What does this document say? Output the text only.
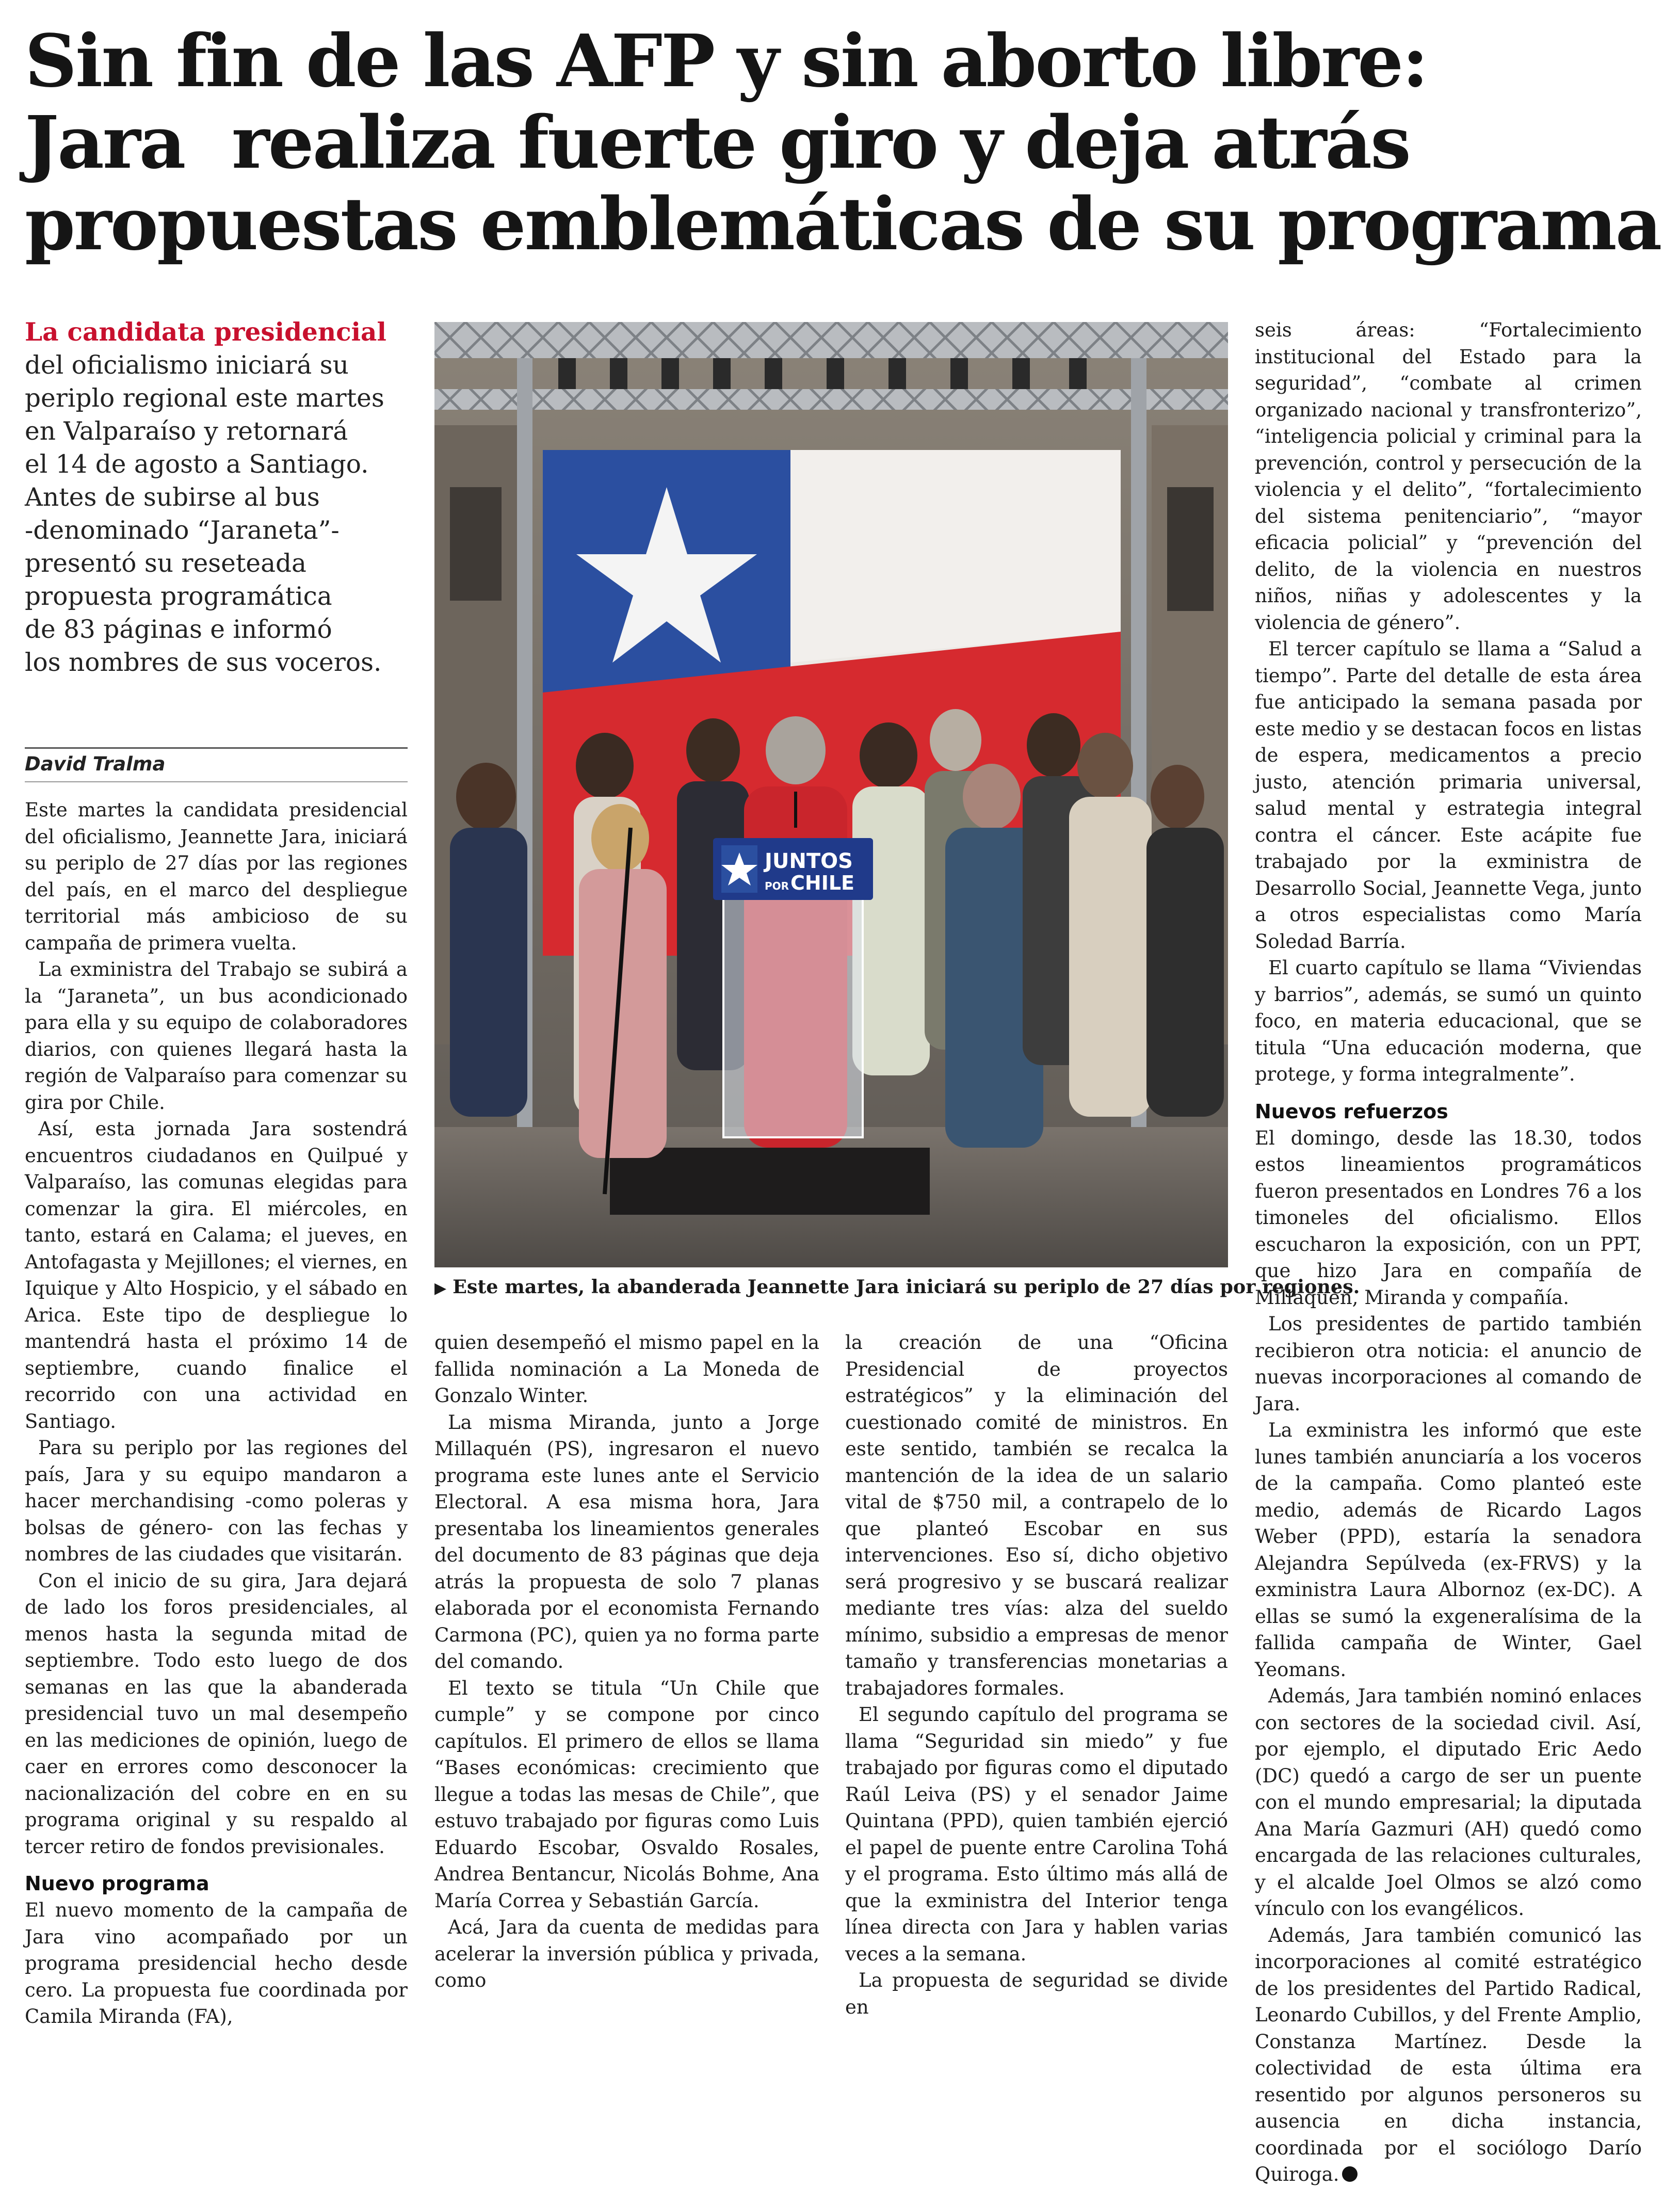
Sin fin de las AFP y sin aborto libre:
Jara  realiza fuerte giro y deja atrás
propuestas emblemáticas de su programa
La candidata presidencial
del oficialismo iniciará su
periplo regional este martes
en Valparaíso y retornará
el 14 de agosto a Santiago.
Antes de subirse al bus
-denominado “Jaraneta”-
presentó su reseteada
propuesta programática
de 83 páginas e informó
los nombres de sus voceros.
David Tralma

Este martes la candidata presidencial del oficialismo, Jeannette Jara, iniciará su periplo de 27 días por las regiones del país, en el marco del despliegue territorial más ambicioso de su campaña de primera vuelta.

La exministra del Trabajo se subirá a la “Jaraneta”, un bus acondicionado para ella y su equipo de colaboradores diarios, con quienes llegará hasta la región de Valparaíso para comenzar su gira por Chile.

Así, esta jornada Jara sostendrá encuentros ciudadanos en Quilpué y Valparaíso, las comunas elegidas para comenzar la gira. El miércoles, en tanto, estará en Calama; el jueves, en Antofagasta y Mejillones; el viernes, en Iquique y Alto Hospicio, y el sábado en Arica. Este tipo de despliegue lo mantendrá hasta el próximo 14 de septiembre, cuando finalice el recorrido con una actividad en Santiago.

Para su periplo por las regiones del país, Jara y su equipo mandaron a hacer merchandising -como poleras y bolsas de género- con las fechas y nombres de las ciudades que visitarán.

Con el inicio de su gira, Jara dejará de lado los foros presidenciales, al menos hasta la segunda mitad de septiembre. Todo esto luego de dos semanas en las que la abanderada presidencial tuvo un mal desempeño en las mediciones de opinión, luego de caer en errores como desconocer la nacionalización del cobre en en su programa original y su respaldo al tercer retiro de fondos previsionales.

Nuevo programa

El nuevo momento de la campaña de Jara vino acompañado por un programa presidencial hecho desde cero. La propuesta fue coordinada por Camila Miranda (FA),

JUNTOS
POR CHILE
▶ Este martes, la abanderada Jeannette Jara iniciará su periplo de 27 días por regiones.

quien desempeñó el mismo papel en la fallida nominación a La Moneda de Gonzalo Winter.

La misma Miranda, junto a Jorge Millaquén (PS), ingresaron el nuevo programa este lunes ante el Servicio Electoral. A esa misma hora, Jara presentaba los lineamientos generales del documento de 83 páginas que deja atrás la propuesta de solo 7 planas elaborada por el economista Fernando Carmona (PC), quien ya no forma parte del comando.

El texto se titula “Un Chile que cumple” y se compone por cinco capítulos. El primero de ellos se llama “Bases económicas: crecimiento que llegue a todas las mesas de Chile”, que estuvo trabajado por figuras como Luis Eduardo Escobar, Osvaldo Rosales, Andrea Bentancur, Nicolás Bohme, Ana María Correa y Sebastián García.

Acá, Jara da cuenta de medidas para acelerar la inversión pública y privada, como

la creación de una “Oficina Presidencial de proyectos estratégicos” y la eliminación del cuestionado comité de ministros. En este sentido, también se recalca la mantención de la idea de un salario vital de $750 mil, a contrapelo de lo que planteó Escobar en sus intervenciones. Eso sí, dicho objetivo será progresivo y se buscará realizar mediante tres vías: alza del sueldo mínimo, subsidio a empresas de menor tamaño y transferencias monetarias a trabajadores formales.

El segundo capítulo del programa se llama “Seguridad sin miedo” y fue trabajado por figuras como el diputado Raúl Leiva (PS) y el senador Jaime Quintana (PPD), quien también ejerció el papel de puente entre Carolina Tohá y el programa. Esto último más allá de que la exministra del Interior tenga línea directa con Jara y hablen varias veces a la semana.

La propuesta de seguridad se divide en

seis áreas: “Fortalecimiento institucional del Estado para la seguridad”, “combate al crimen organizado nacional y transfronterizo”, “inteligencia policial y criminal para la prevención, control y persecución de la violencia y el delito”, “fortalecimiento del sistema penitenciario”, “mayor eficacia policial” y “prevención del delito, de la violencia en nuestros niños, niñas y adolescentes y la violencia de género”.

El tercer capítulo se llama a “Salud a tiempo”. Parte del detalle de esta área fue anticipado la semana pasada por este medio y se destacan focos en listas de espera, medicamentos a precio justo, atención primaria universal, salud mental y estrategia integral contra el cáncer. Este acápite fue trabajado por la exministra de Desarrollo Social, Jeannette Vega, junto a otros especialistas como María Soledad Barría.

El cuarto capítulo se llama “Viviendas y barrios”, además, se sumó un quinto foco, en materia educacional, que se titula “Una educación moderna, que protege, y forma integralmente”.

Nuevos refuerzos

El domingo, desde las 18.30, todos estos lineamientos programáticos fueron presentados en Londres 76 a los timoneles del oficialismo. Ellos escucharon la exposición, con un PPT, que hizo Jara en compañía de Millaquén, Miranda y compañía.

Los presidentes de partido también recibieron otra noticia: el anuncio de nuevas incorporaciones al comando de Jara.

La exministra les informó que este lunes también anunciaría a los voceros de la campaña. Como planteó este medio, además de Ricardo Lagos Weber (PPD), estaría la senadora Alejandra Sepúlveda (ex-FRVS) y la exministra Laura Albornoz (ex-DC). A ellas se sumó la exgeneralísima de la fallida campaña de Winter, Gael Yeomans.

Además, Jara también nominó enlaces con sectores de la sociedad civil. Así, por ejemplo, el diputado Eric Aedo (DC) quedó a cargo de ser un puente con el mundo empresarial; la diputada Ana María Gazmuri (AH) quedó como encargada de las relaciones culturales, y el alcalde Joel Olmos se alzó como vínculo con los evangélicos.

Además, Jara también comunicó las incorporaciones al comité estratégico de los presidentes del Partido Radical, Leonardo Cubillos, y del Frente Amplio, Constanza Martínez. Desde la colectividad de esta última era resentido por algunos personeros su ausencia en dicha instancia, coordinada por el sociólogo Darío Quiroga.
